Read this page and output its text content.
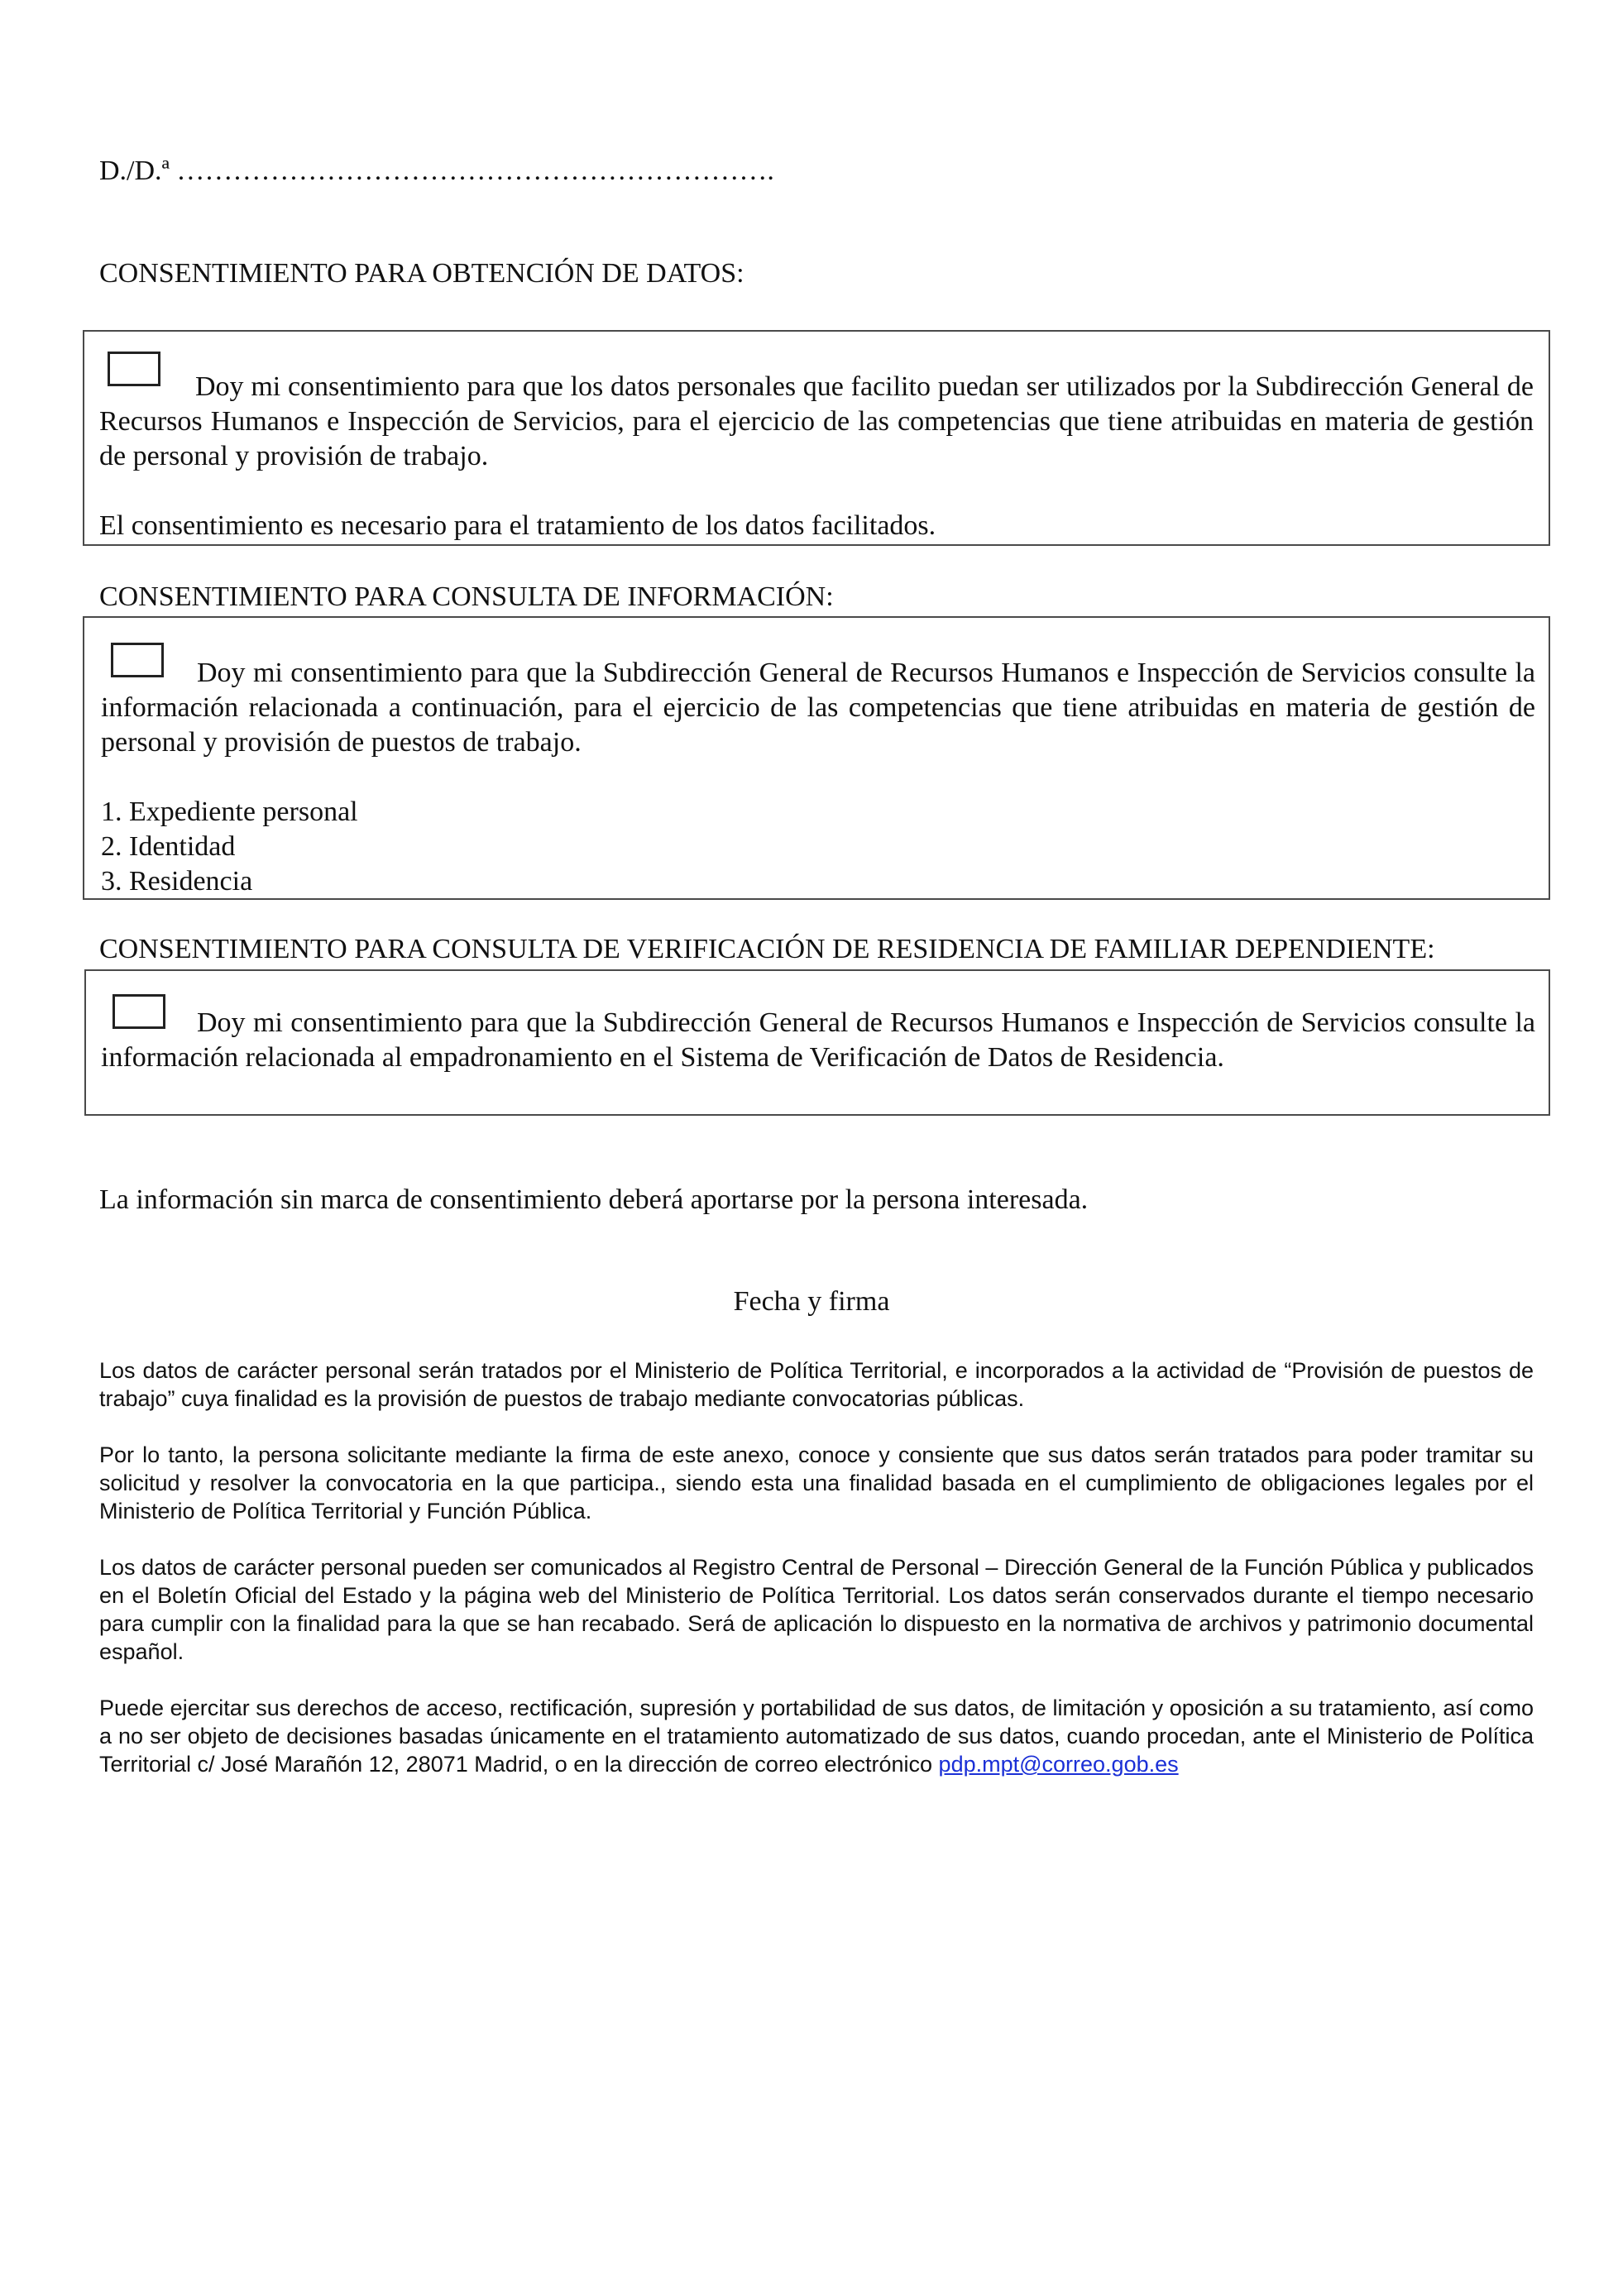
D./D.ª ……………………………………………………….
CONSENTIMIENTO PARA OBTENCIÓN DE DATOS:
Doy mi consentimiento para que los datos personales que facilito puedan ser utilizados por la Subdirección General de Recursos Humanos e Inspección de Servicios, para el ejercicio de las competencias que tiene atribuidas en materia de gestión de personal y provisión de trabajo.
El consentimiento es necesario para el tratamiento de los datos facilitados.
CONSENTIMIENTO PARA CONSULTA DE INFORMACIÓN:
Doy mi consentimiento para que la Subdirección General de Recursos Humanos e Inspección de Servicios consulte la información relacionada a continuación, para el ejercicio de las competencias que tiene atribuidas en materia de gestión de personal y provisión de puestos de trabajo.
1. Expediente personal
2. Identidad
3. Residencia
CONSENTIMIENTO PARA CONSULTA DE VERIFICACIÓN DE RESIDENCIA DE FAMILIAR DEPENDIENTE:
Doy mi consentimiento para que la Subdirección General de Recursos Humanos e Inspección de Servicios consulte la información relacionada al empadronamiento en el Sistema de Verificación de Datos de Residencia.
La información sin marca de consentimiento deberá aportarse por la persona interesada.
Fecha y firma

Los datos de carácter personal serán tratados por el Ministerio de Política Territorial, e incorporados a la actividad de “Provisión de puestos de trabajo” cuya finalidad es la provisión de puestos de trabajo mediante convocatorias públicas.

Por lo tanto, la persona solicitante mediante la firma de este anexo, conoce y consiente que sus datos serán tratados para poder tramitar su solicitud y resolver la convocatoria en la que participa., siendo esta una finalidad basada en el cumplimiento de obligaciones legales por el Ministerio de Política Territorial y Función Pública.

Los datos de carácter personal pueden ser comunicados al Registro Central de Personal – Dirección General de la Función Pública y publicados en el Boletín Oficial del Estado y la página web del Ministerio de Política Territorial. Los datos serán conservados durante el tiempo necesario para cumplir con la finalidad para la que se han recabado. Será de aplicación lo dispuesto en la normativa de archivos y patrimonio documental español.

Puede ejercitar sus derechos de acceso, rectificación, supresión y portabilidad de sus datos, de limitación y oposición a su tratamiento, así como a no ser objeto de decisiones basadas únicamente en el tratamiento automatizado de sus datos, cuando procedan, ante el Ministerio de Política Territorial c/ José Marañón 12, 28071 Madrid, o en la dirección de correo electrónico pdp.mpt@correo.gob.es
